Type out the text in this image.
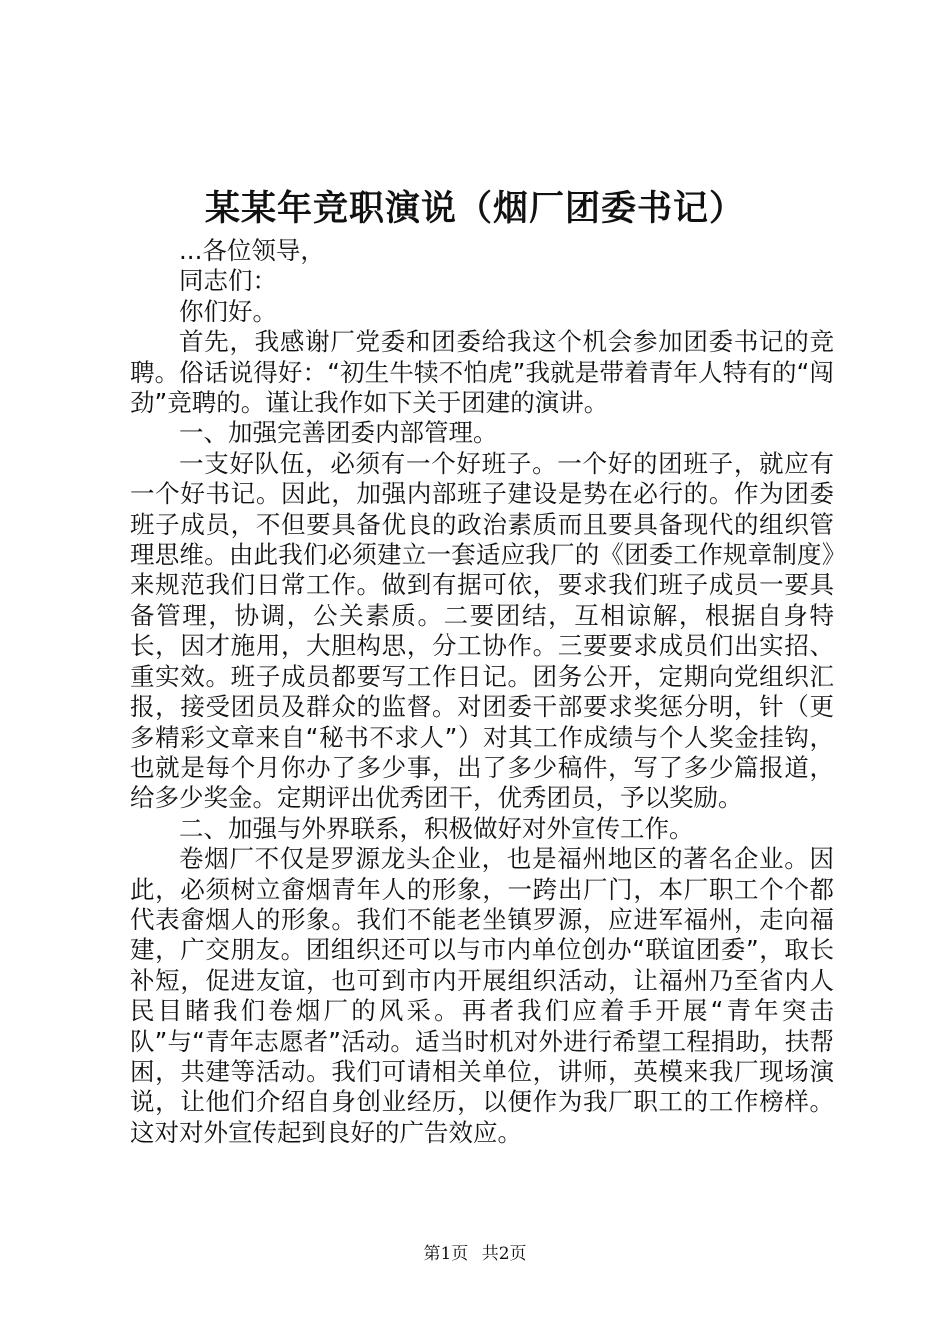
某某年竞职演说（烟厂团委书记）

...各位领导，

同志们：

你们好。

首先，我感谢厂党委和团委给我这个机会参加团委书记的竞聘。俗话说得好：“初生牛犊不怕虎”我就是带着青年人特有的“闯劲”竞聘的。谨让我作如下关于团建的演讲。

一、加强完善团委内部管理。

一支好队伍，必须有一个好班子。一个好的团班子，就应有一个好书记。因此，加强内部班子建设是势在必行的。作为团委班子成员，不但要具备优良的政治素质而且要具备现代的组织管理思维。由此我们必须建立一套适应我厂的《团委工作规章制度》来规范我们日常工作。做到有据可依，要求我们班子成员一要具备管理，协调，公关素质。二要团结，互相谅解，根据自身特长，因才施用，大胆构思，分工协作。三要要求成员们出实招、重实效。班子成员都要写工作日记。团务公开，定期向党组织汇报，接受团员及群众的监督。对团委干部要求奖惩分明，针（更多精彩文章来自“秘书不求人”）对其工作成绩与个人奖金挂钩，也就是每个月你办了多少事，出了多少稿件，写了多少篇报道，给多少奖金。定期评出优秀团干，优秀团员，予以奖励。

二、加强与外界联系，积极做好对外宣传工作。

卷烟厂不仅是罗源龙头企业，也是福州地区的著名企业。因此，必须树立畲烟青年人的形象，一跨出厂门，本厂职工个个都代表畲烟人的形象。我们不能老坐镇罗源，应进军福州，走向福建，广交朋友。团组织还可以与市内单位创办“联谊团委”，取长补短，促进友谊，也可到市内开展组织活动，让福州乃至省内人民目睹我们卷烟厂的风采。再者我们应着手开展“青年突击队”与“青年志愿者”活动。适当时机对外进行希望工程捐助，扶帮困，共建等活动。我们可请相关单位，讲师，英模来我厂现场演说，让他们介绍自身创业经历，以便作为我厂职工的工作榜样。这对对外宣传起到良好的广告效应。

第1页 共2页
